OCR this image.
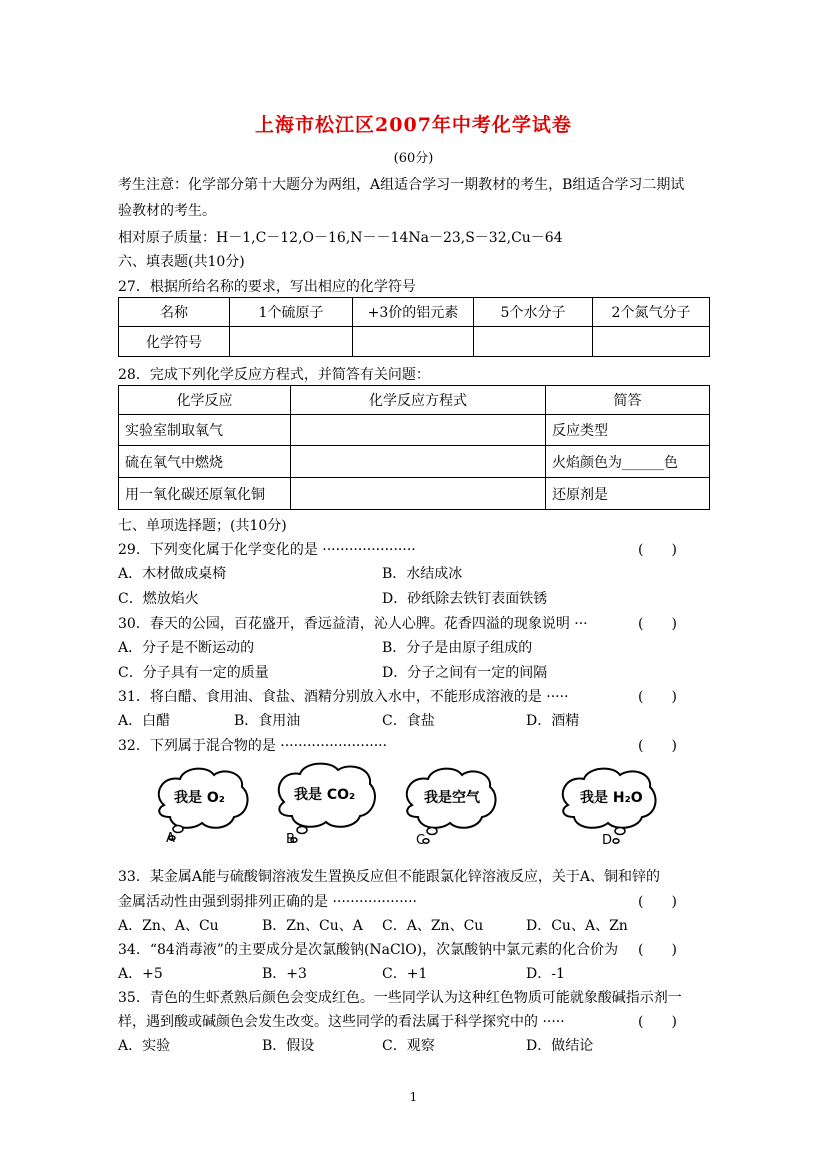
上海市松江区2007年中考化学试卷
(60分)
考生注意：化学部分第十大题分为两组，A组适合学习一期教材的考生，B组适合学习二期试
验教材的考生。
相对原子质量：H－1,C－12,O－16,N－－14Na－23,S－32,Cu－64
六、填表题(共10分)
27．根据所给名称的要求，写出相应的化学符号
名称	1个硫原子	+3价的铝元素	5个水分子	2个氮气分子
化学符号				
28．完成下列化学反应方程式，并简答有关问题：
化学反应	化学反应方程式	简答
实验室制取氧气		反应类型
硫在氧气中燃烧		火焰颜色为______色
用一氧化碳还原氧化铜		还原剂是
七、单项选择题；(共10分)
29．下列变化属于化学变化的是 ·····················	(　　)
A．木材做成桌椅	B．水结成冰
C．燃放焰火	D．砂纸除去铁钉表面铁锈
30．春天的公园，百花盛开，香远益清，沁人心脾。花香四溢的现象说明 ···	(　　)
A．分子是不断运动的	B．分子是由原子组成的
C．分子具有一定的质量	D．分子之间有一定的间隔
31．将白醋、食用油、食盐、酒精分别放入水中，不能形成溶液的是 ·····	(　　)
A．白醋	B．食用油	C．食盐	D．酒精
32．下列属于混合物的是 ························	(　　)
我是 O₂
A
我是 CO₂
B
我是空气
C
我是 H₂O
D
33．某金属A能与硫酸铜溶液发生置换反应但不能跟氯化锌溶液反应，关于A、铜和锌的
金属活动性由强到弱排列正确的是 ···················	(　　)
A．Zn、A、Cu	B．Zn、Cu、A C．A、Zn、Cu	D．Cu、A、Zn
34．“84消毒液”的主要成分是次氯酸钠(NaClO)，次氯酸钠中氯元素的化合价为 (　　)
A．+5	B．+3	C．+1	D．-1
35．青色的生虾煮熟后颜色会变成红色。一些同学认为这种红色物质可能就象酸碱指示剂一
样，遇到酸或碱颜色会发生改变。这些同学的看法属于科学探究中的 ·····	(　　)
A．实验	B．假设	C．观察	D．做结论
1
